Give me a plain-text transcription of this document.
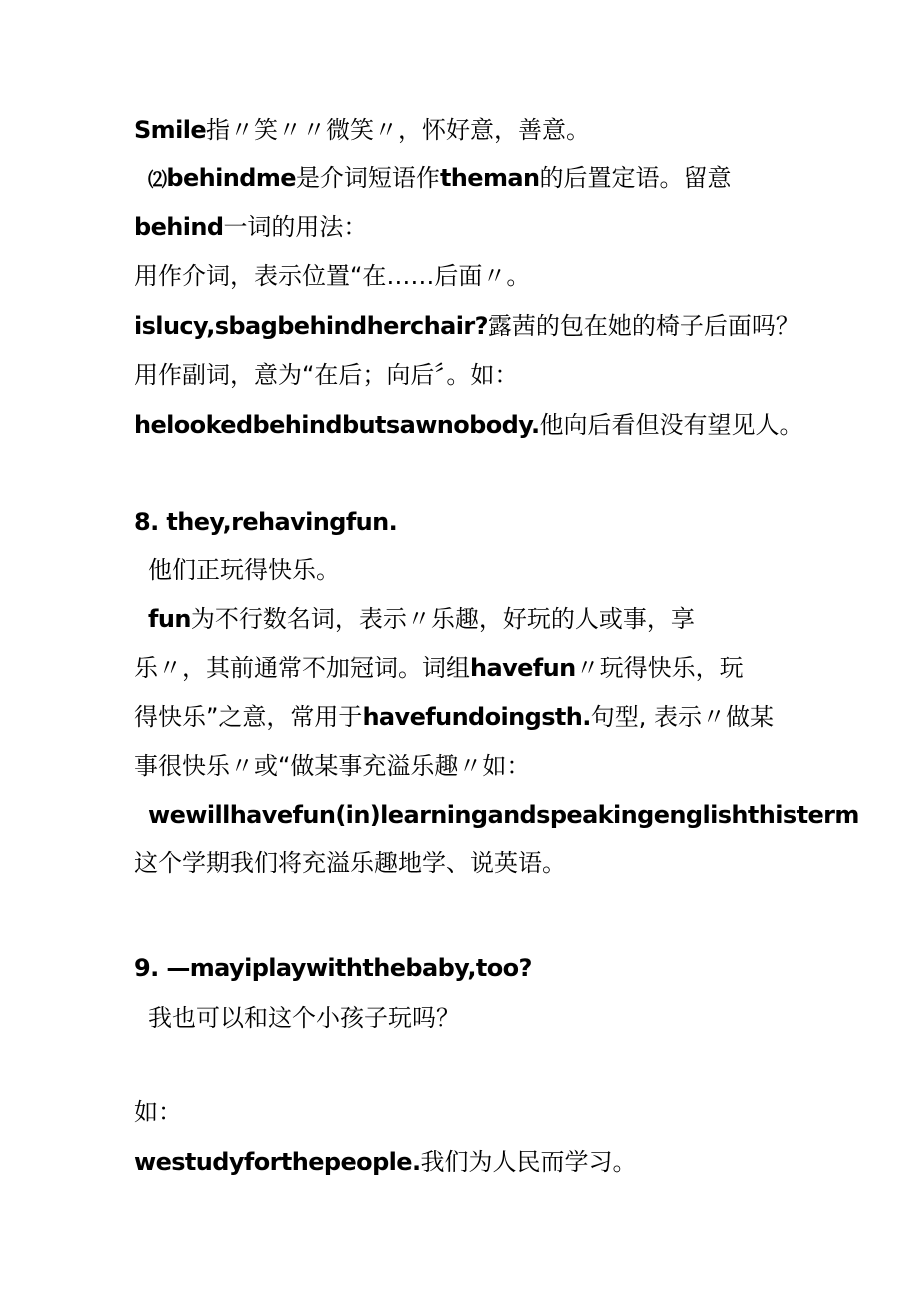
Smile指〃笑〃〃微笑〃，怀好意，善意。
⑵behindme是介词短语作theman的后置定语。留意
behind一词的用法：
用作介词，表示位置“在……后面〃。
islucy,sbagbehindherchair?露茜的包在她的椅子后面吗？
用作副词，意为“在后；向后〞。如：
helookedbehindbutsawnobody.他向后看但没有望见人。
8. they,rehavingfun.
他们正玩得快乐。
fun为不行数名词，表示〃乐趣，好玩的人或事，享
乐〃，其前通常不加冠词。词组havefun〃玩得快乐，玩
得快乐”之意，常用于havefundoingsth.句型, 表示〃做某
事很快乐〃或“做某事充溢乐趣〃如：
wewillhavefun(in)learningandspeakingenglishthisterm
这个学期我们将充溢乐趣地学、说英语。
9. —mayiplaywiththebaby,too?
我也可以和这个小孩子玩吗？
如：
westudyforthepeople.我们为人民而学习。
